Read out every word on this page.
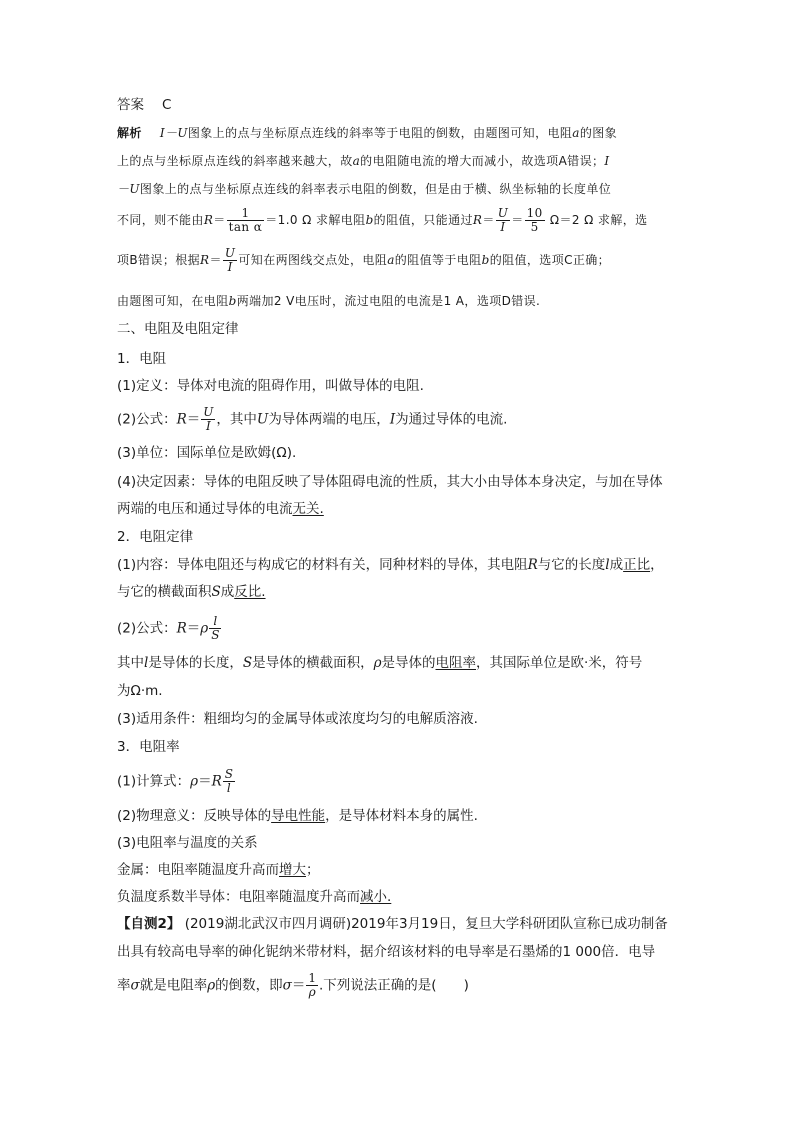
答案 C
解析 I－U图象上的点与坐标原点连线的斜率等于电阻的倒数，由题图可知，电阻a的图象
上的点与坐标原点连线的斜率越来越大，故a的电阻随电流的增大而减小，故选项A错误；I
－U图象上的点与坐标原点连线的斜率表示电阻的倒数，但是由于横、纵坐标轴的长度单位
不同，则不能由$R= \frac{1}{\text{tan α}} =1.0$ Ω 求解电阻b的阻值，只能通过$R= \frac{U}{I} = \frac{10}{5} \Omega=2$ Ω 求解，选
项B错误；根据$R= \frac{U}{I}$ 可知在两图线交点处，电阻a的阻值等于电阻b的阻值，选项C正确；
由题图可知，在电阻b两端加2 V电压时，流过电阻的电流是1 A，选项D错误.
二、电阻及电阻定律
1．电阻
(1)定义：导体对电流的阻碍作用，叫做导体的电阻.
(2)公式：$R= \frac{U}{I}$ ，其中U为导体两端的电压，I为通过导体的电流.
(3)单位：国际单位是欧姆(Ω).
(4)决定因素：导体的电阻反映了导体阻碍电流的性质，其大小由导体本身决定，与加在导体
两端的电压和通过导体的电流无关.
2．电阻定律
(1)内容：导体电阻还与构成它的材料有关，同种材料的导体，其电阻R与它的长度l成正比，
与它的横截面积S成反比.
(2)公式：$R=\rho \frac{l}{S}$
其中l是导体的长度，S是导体的横截面积，ρ是导体的电阻率，其国际单位是欧·米，符号
为Ω·m.
(3)适用条件：粗细均匀的金属导体或浓度均匀的电解质溶液.
3．电阻率
(1)计算式：$\rho=R \frac{S}{l}$
(2)物理意义：反映导体的导电性能，是导体材料本身的属性.
(3)电阻率与温度的关系
金属：电阻率随温度升高而增大；
负温度系数半导体：电阻率随温度升高而减小.
【自测2】 (2019湖北武汉市四月调研)2019年3月19日，复旦大学科研团队宣称已成功制备
出具有较高电导率的砷化铌纳米带材料，据介绍该材料的电导率是石墨烯的1 000倍．电导
率σ就是电阻率ρ的倒数，即$\sigma= \frac{1}{\rho}$ .下列说法正确的是(　　)
